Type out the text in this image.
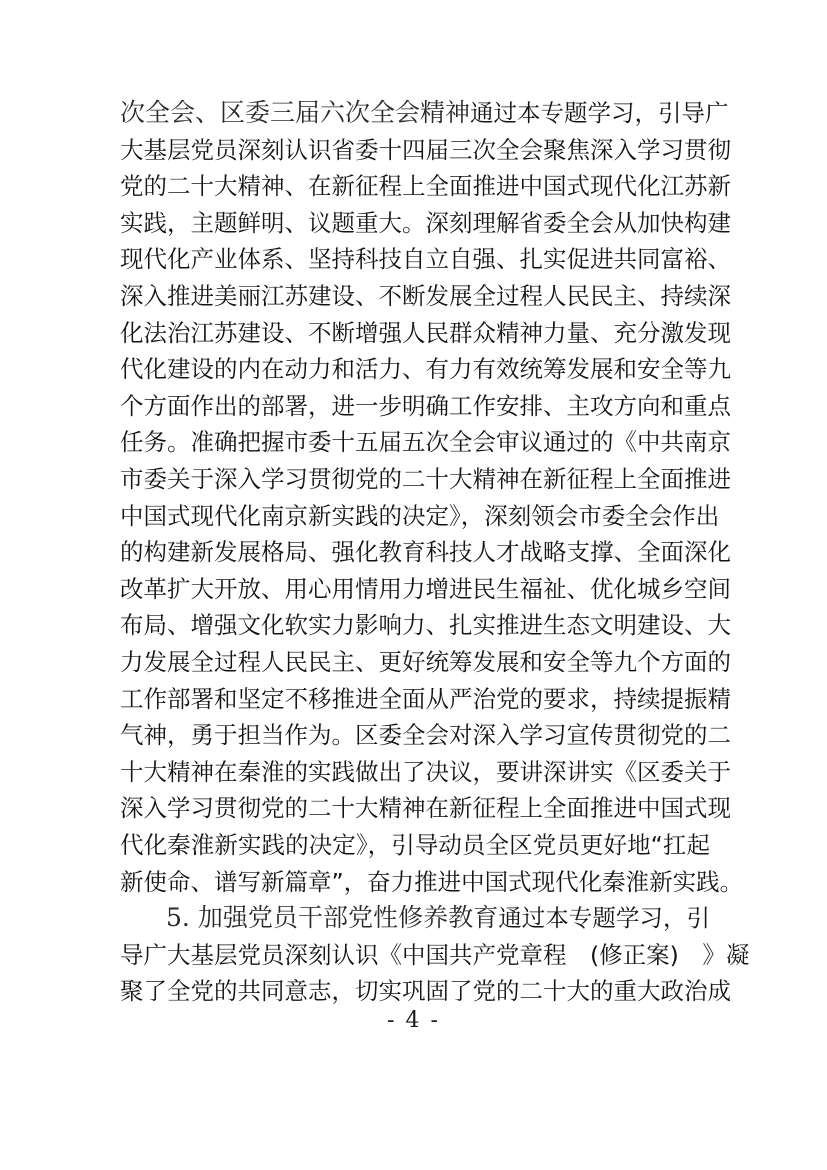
次全会、区委三届六次全会精神通过本专题学习，引导广
大基层党员深刻认识省委十四届三次全会聚焦深入学习贯彻
党的二十大精神、在新征程上全面推进中国式现代化江苏新
实践，主题鲜明、议题重大。深刻理解省委全会从加快构建
现代化产业体系、坚持科技自立自强、扎实促进共同富裕、
深入推进美丽江苏建设、不断发展全过程人民民主、持续深
化法治江苏建设、不断增强人民群众精神力量、充分激发现
代化建设的内在动力和活力、有力有效统筹发展和安全等九
个方面作出的部署，进一步明确工作安排、主攻方向和重点
任务。准确把握市委十五届五次全会审议通过的《中共南京
市委关于深入学习贯彻党的二十大精神在新征程上全面推进
中国式现代化南京新实践的决定》，深刻领会市委全会作出
的构建新发展格局、强化教育科技人才战略支撑、全面深化
改革扩大开放、用心用情用力增进民生福祉、优化城乡空间
布局、增强文化软实力影响力、扎实推进生态文明建设、大
力发展全过程人民民主、更好统筹发展和安全等九个方面的
工作部署和坚定不移推进全面从严治党的要求，持续提振精
气神，勇于担当作为。区委全会对深入学习宣传贯彻党的二
十大精神在秦淮的实践做出了决议，要讲深讲实《区委关于
深入学习贯彻党的二十大精神在新征程上全面推进中国式现
代化秦淮新实践的决定》，引导动员全区党员更好地“扛起
新使命、谱写新篇章”，奋力推进中国式现代化秦淮新实践。
5. 加强党员干部党性修养教育通过本专题学习，引
导广大基层党员深刻认识《中国共产党章程　(修正案)　》凝
聚了全党的共同意志，切实巩固了党的二十大的重大政治成
- 4 -
